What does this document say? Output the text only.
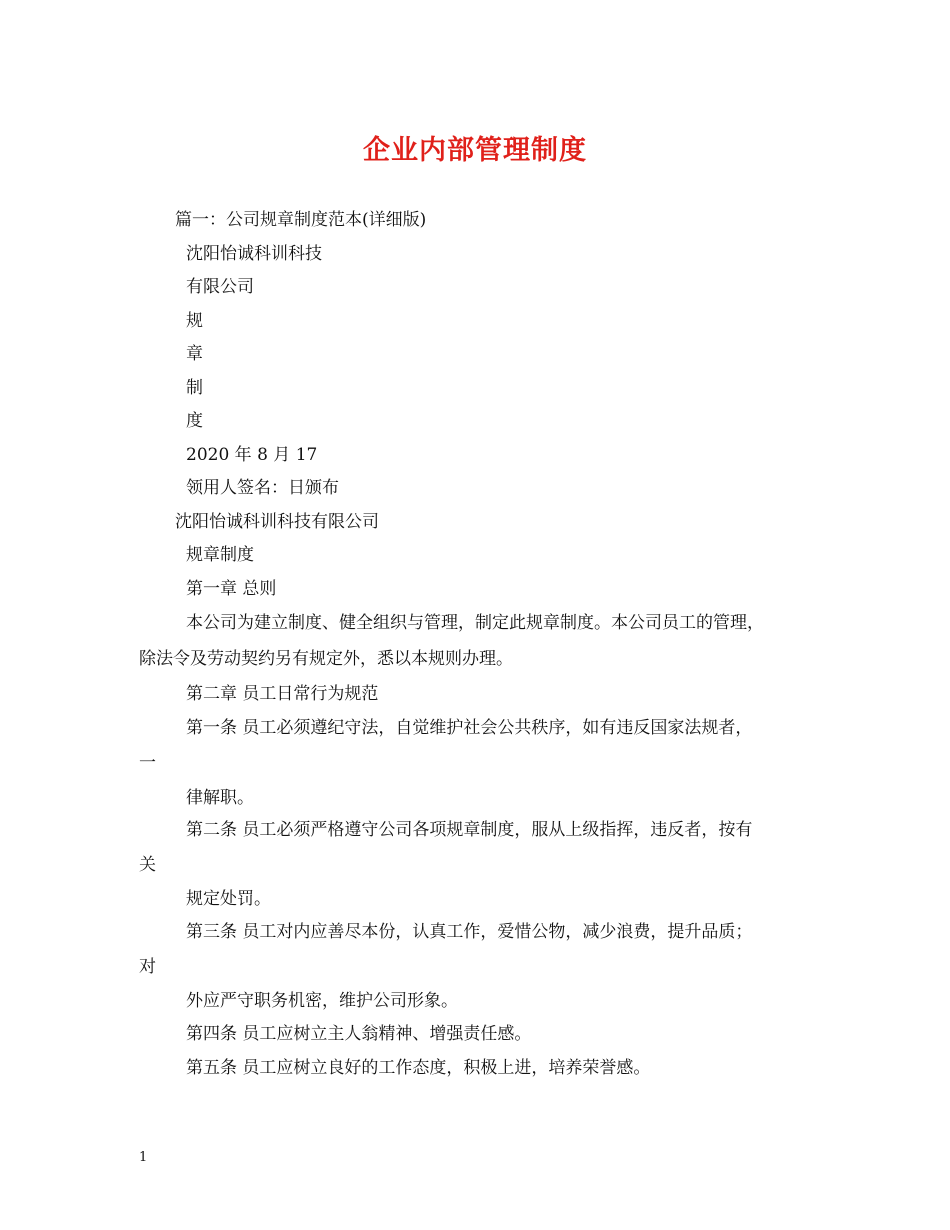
企业内部管理制度
篇一：公司规章制度范本(详细版)
沈阳怡诚科训科技
有限公司
规
章
制
度
2020 年 8 月 17
领用人签名：日颁布
沈阳怡诚科训科技有限公司
规章制度
第一章 总则
本公司为建立制度、健全组织与管理，制定此规章制度。本公司员工的管理，
除法令及劳动契约另有规定外，悉以本规则办理。
第二章 员工日常行为规范
第一条 员工必须遵纪守法，自觉维护社会公共秩序，如有违反国家法规者，
一
律解职。
第二条 员工必须严格遵守公司各项规章制度，服从上级指挥，违反者，按有
关
规定处罚。
第三条 员工对内应善尽本份，认真工作，爱惜公物，减少浪费，提升品质；
对
外应严守职务机密，维护公司形象。
第四条 员工应树立主人翁精神、增强责任感。
第五条 员工应树立良好的工作态度，积极上进，培养荣誉感。
1
